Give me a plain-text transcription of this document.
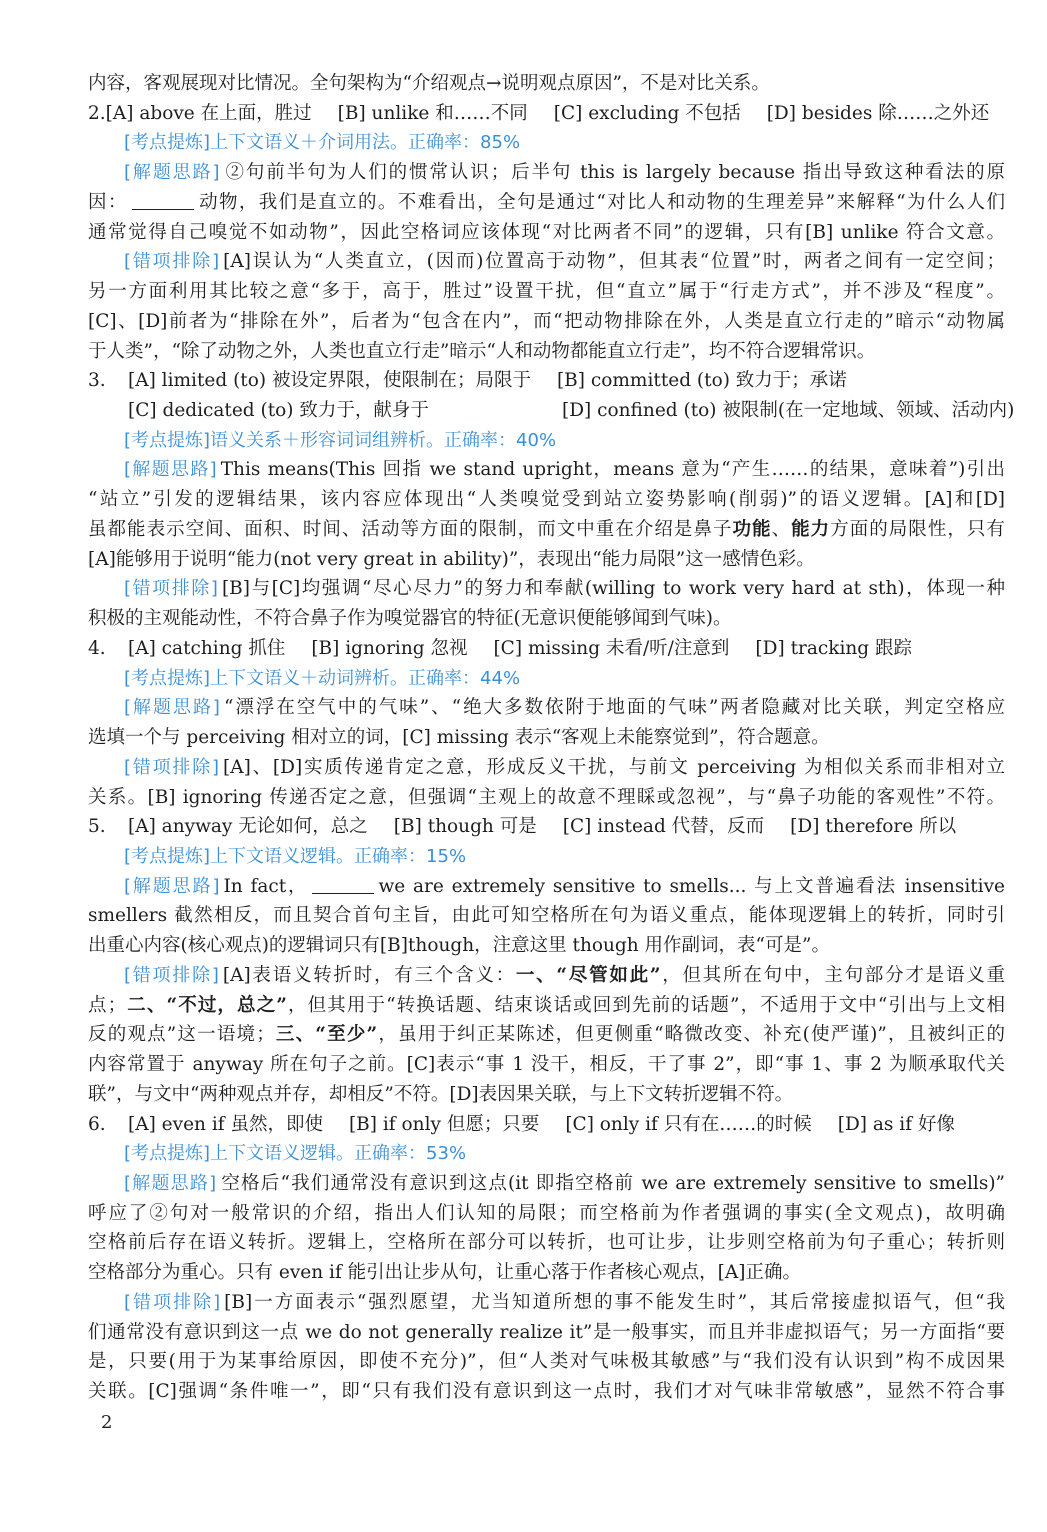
内容，客观展现对比情况。全句架构为“介绍观点→说明观点原因”，不是对比关系。
2. [A] above 在上面，胜过 [B] unlike 和……不同 [C] excluding 不包括 [D] besides 除……之外还
[考点提炼]上下文语义＋介词用法。正确率：85%
[解题思路] ②句前半句为人们的惯常认识；后半句 this is largely because 指出导致这种看法的原
因：	动物，我们是直立的。不难看出，全句是通过“对比人和动物的生理差异”来解释“为什么人们
通常觉得自己嗅觉不如动物”，因此空格词应该体现“对比两者不同”的逻辑，只有[B] unlike 符合文意。
[错项排除] [A]误认为“人类直立，(因而)位置高于动物”，但其表“位置”时，两者之间有一定空间；
另一方面利用其比较之意“多于，高于，胜过”设置干扰，但“直立”属于“行走方式”，并不涉及“程度”。
[C]、[D]前者为“排除在外”，后者为“包含在内”，而“把动物排除在外，人类是直立行走的”暗示“动物属
于人类”，“除了动物之外，人类也直立行走”暗示“人和动物都能直立行走”，均不符合逻辑常识。
3.	[A] limited (to) 被设定界限，使限制在；局限于 [B] committed (to) 致力于；承诺
[C] dedicated (to) 致力于，献身于	[D] confined (to) 被限制(在一定地域、领域、活动内)
[考点提炼]语义关系＋形容词词组辨析。正确率：40%
[解题思路] This means(This 回指 we stand upright，means 意为“产生……的结果，意味着”)引出
“站立”引发的逻辑结果，该内容应体现出“人类嗅觉受到站立姿势影响(削弱)”的语义逻辑。[A]和[D]
虽都能表示空间、面积、时间、活动等方面的限制，而文中重在介绍是鼻子功能、能力方面的局限性，只有
[A]能够用于说明“能力(not very great in ability)”，表现出“能力局限”这一感情色彩。
[错项排除] [B]与[C]均强调“尽心尽力”的努力和奉献(willing to work very hard at sth)，体现一种
积极的主观能动性，不符合鼻子作为嗅觉器官的特征(无意识便能够闻到气味)。
4.	[A] catching 抓住 [B] ignoring 忽视 [C] missing 未看/听/注意到 [D] tracking 跟踪
[考点提炼]上下文语义＋动词辨析。正确率：44%
[解题思路] “漂浮在空气中的气味”、“绝大多数依附于地面的气味”两者隐藏对比关联，判定空格应
选填一个与 perceiving 相对立的词，[C] missing 表示“客观上未能察觉到”，符合题意。
[错项排除] [A]、[D]实质传递肯定之意，形成反义干扰，与前文 perceiving 为相似关系而非相对立
关系。[B] ignoring 传递否定之意，但强调“主观上的故意不理睬或忽视”，与“鼻子功能的客观性”不符。
5.	[A] anyway 无论如何，总之 [B] though 可是 [C] instead 代替，反而 [D] therefore 所以
[考点提炼]上下文语义逻辑。正确率：15%
[解题思路] In fact，	we are extremely sensitive to smells... 与上文普遍看法 insensitive
smellers 截然相反，而且契合首句主旨，由此可知空格所在句为语义重点，能体现逻辑上的转折，同时引
出重心内容(核心观点)的逻辑词只有[B]though，注意这里 though 用作副词，表“可是”。
[错项排除] [A]表语义转折时，有三个含义：一、“尽管如此”，但其所在句中，主句部分才是语义重
点；二、“不过，总之”，但其用于“转换话题、结束谈话或回到先前的话题”，不适用于文中“引出与上文相
反的观点”这一语境；三、“至少”，虽用于纠正某陈述，但更侧重“略微改变、补充(使严谨)”，且被纠正的
内容常置于 anyway 所在句子之前。[C]表示“事 1 没干，相反，干了事 2”，即“事 1、事 2 为顺承取代关
联”，与文中“两种观点并存，却相反”不符。[D]表因果关联，与上下文转折逻辑不符。
6.	[A] even if 虽然，即使 [B] if only 但愿；只要 [C] only if 只有在……的时候 [D] as if 好像
[考点提炼]上下文语义逻辑。正确率：53%
[解题思路] 空格后“我们通常没有意识到这点(it 即指空格前 we are extremely sensitive to smells)”
呼应了②句对一般常识的介绍，指出人们认知的局限；而空格前为作者强调的事实(全文观点)，故明确
空格前后存在语义转折。逻辑上，空格所在部分可以转折，也可让步，让步则空格前为句子重心；转折则
空格部分为重心。只有 even if 能引出让步从句，让重心落于作者核心观点，[A]正确。
[错项排除] [B]一方面表示“强烈愿望，尤当知道所想的事不能发生时”，其后常接虚拟语气，但“我
们通常没有意识到这一点 we do not generally realize it”是一般事实，而且并非虚拟语气；另一方面指“要
是，只要(用于为某事给原因，即使不充分)”，但“人类对气味极其敏感”与“我们没有认识到”构不成因果
关联。[C]强调“条件唯一”，即“只有我们没有意识到这一点时，我们才对气味非常敏感”，显然不符合事
2
